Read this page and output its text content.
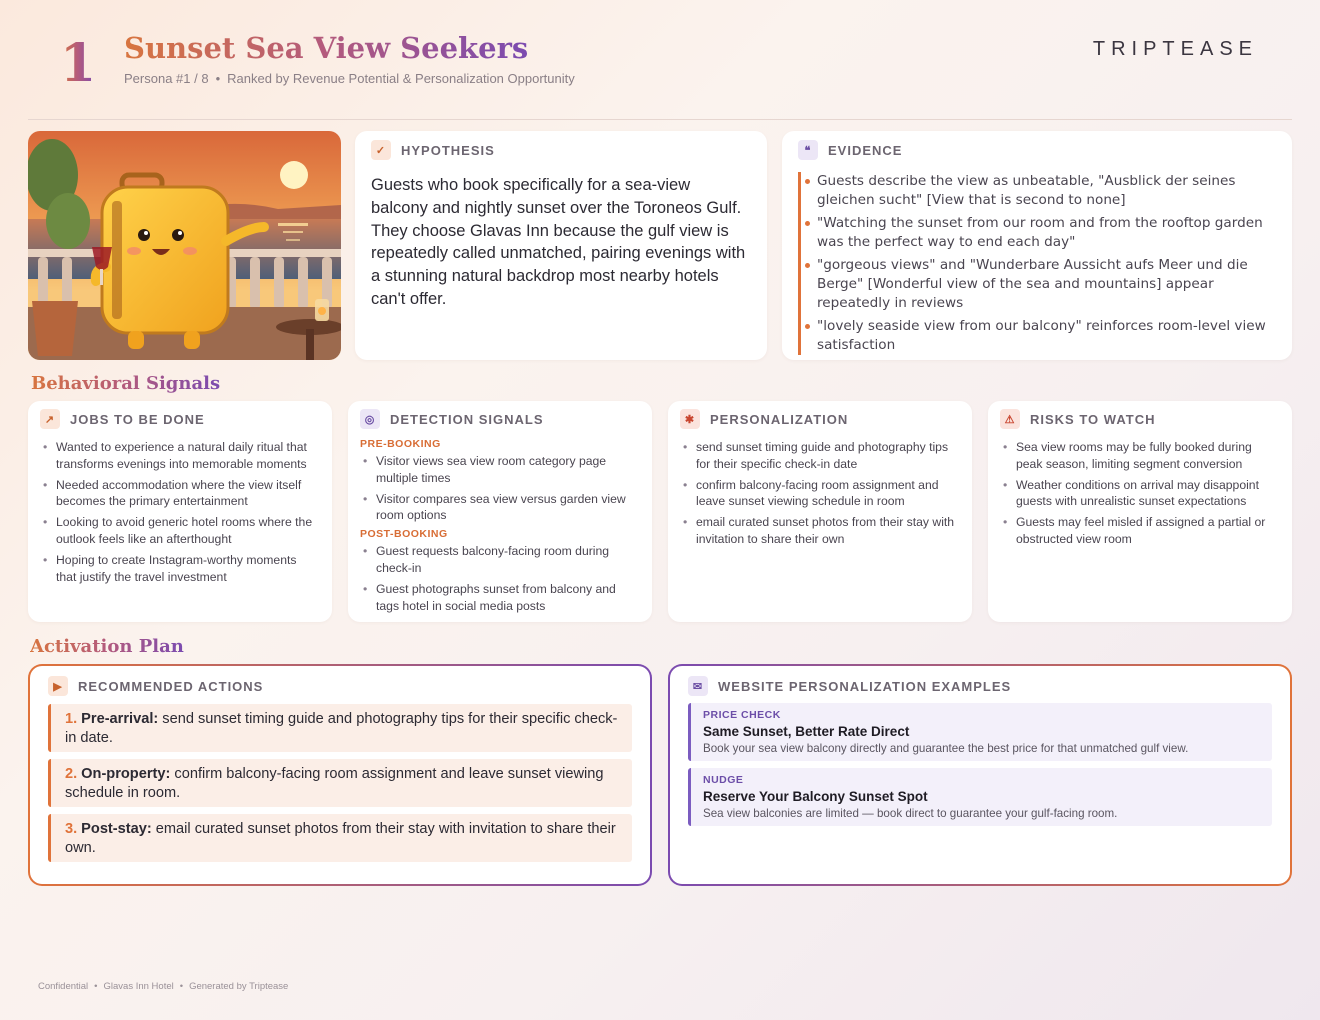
1 Sunset Sea View Seekers
Persona #1 / 8 • Ranked by Revenue Potential & Personalization Opportunity
TRIPTEASE
✓	HYPOTHESIS
Guests who book specifically for a sea-view balcony and nightly sunset over the Toroneos Gulf. They choose Glavas Inn because the gulf view is repeatedly called unmatched, pairing evenings with a stunning natural backdrop most nearby hotels can't offer.
❝	EVIDENCE
Guests describe the view as unbeatable, "Ausblick der seines gleichen sucht" [View that is second to none]
"Watching the sunset from our room and from the rooftop garden was the perfect way to end each day"
"gorgeous views" and "Wunderbare Aussicht aufs Meer und die Berge" [Wonderful view of the sea and mountains] appear repeatedly in reviews
"lovely seaside view from our balcony" reinforces room-level view satisfaction
Behavioral Signals
↗	JOBS TO BE DONE
• Wanted to experience a natural daily ritual that transforms evenings into memorable moments
• Needed accommodation where the view itself becomes the primary entertainment
• Looking to avoid generic hotel rooms where the outlook feels like an afterthought
• Hoping to create Instagram-worthy moments that justify the travel investment
◎	DETECTION SIGNALS
PRE-BOOKING
• Visitor views sea view room category page multiple times
• Visitor compares sea view versus garden view room options
POST-BOOKING
• Guest requests balcony-facing room during check-in
• Guest photographs sunset from balcony and tags hotel in social media posts
✱	PERSONALIZATION
• send sunset timing guide and photography tips for their specific check-in date
• confirm balcony-facing room assignment and leave sunset viewing schedule in room
• email curated sunset photos from their stay with invitation to share their own
⚠	RISKS TO WATCH
• Sea view rooms may be fully booked during peak season, limiting segment conversion
• Weather conditions on arrival may disappoint guests with unrealistic sunset expectations
• Guests may feel misled if assigned a partial or obstructed view room
Activation Plan
▶	RECOMMENDED ACTIONS
1. Pre-arrival: send sunset timing guide and photography tips for their specific check-in date.
2. On-property: confirm balcony-facing room assignment and leave sunset viewing schedule in room.
3. Post-stay: email curated sunset photos from their stay with invitation to share their own.
✉	WEBSITE PERSONALIZATION EXAMPLES
PRICE CHECK
Same Sunset, Better Rate Direct
Book your sea view balcony directly and guarantee the best price for that unmatched gulf view.
NUDGE
Reserve Your Balcony Sunset Spot
Sea view balconies are limited — book direct to guarantee your gulf-facing room.
Confidential • Glavas Inn Hotel • Generated by Triptease
